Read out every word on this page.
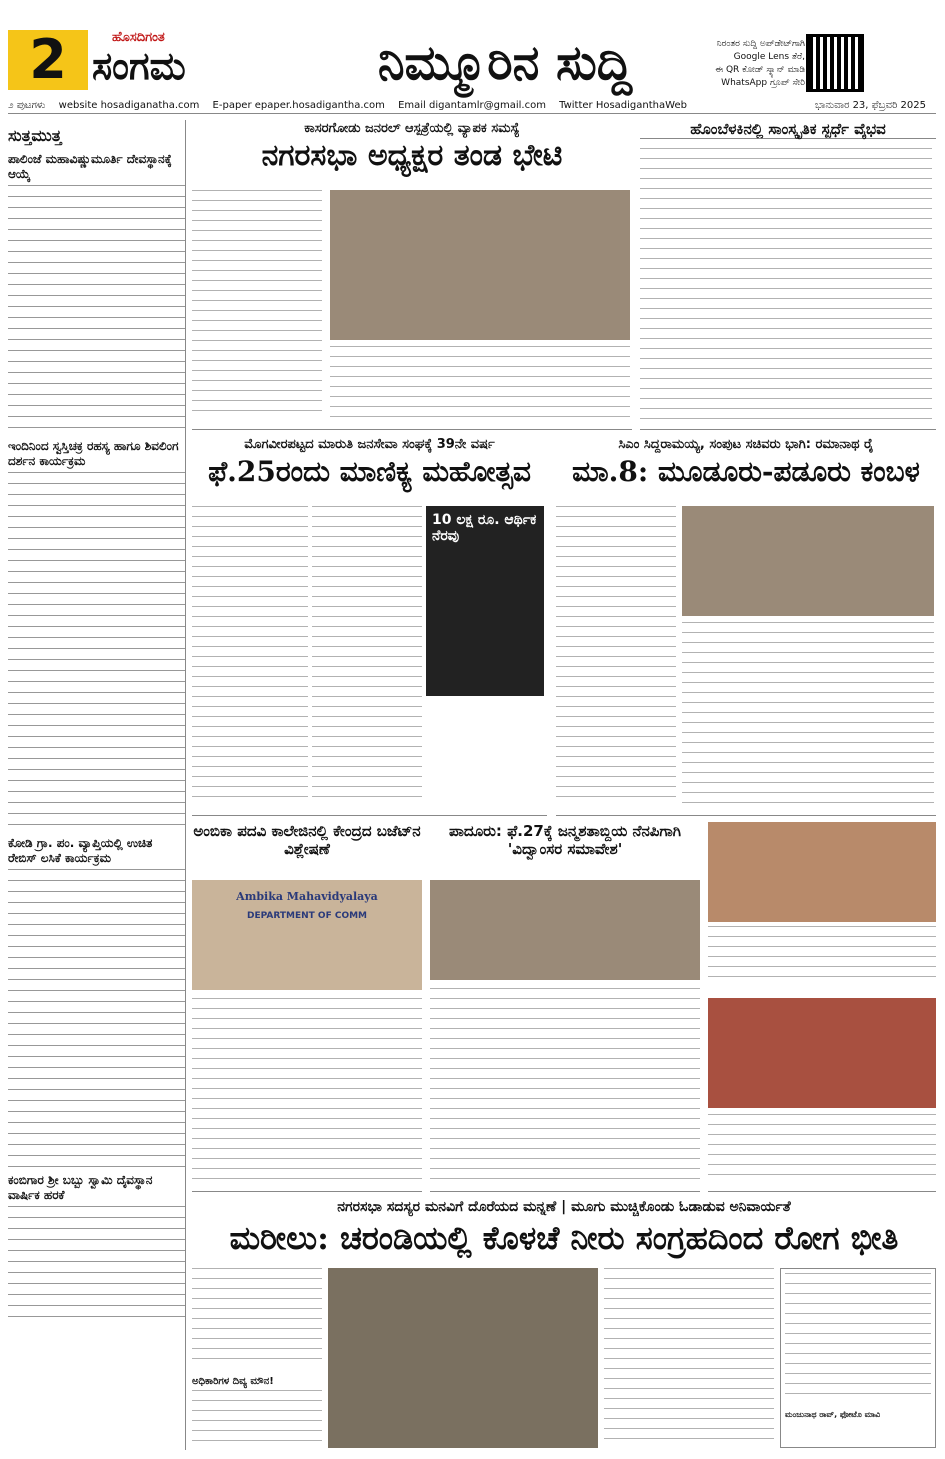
2	ಹೊಸದಿಗಂತ
ಸಂಗಮ	ನಿಮ್ಮೂರಿನ ಸುದ್ದಿ	ನಿರಂತರ ಸುದ್ದಿ ಅಪ್‌ಡೇಟ್‌ಗಾಗಿ
Google Lens ತೆರೆ,
ಈ QR ಕೋಡ್ ಸ್ಕ್ಯಾನ್ ಮಾಡಿ
WhatsApp ಗ್ರೂಪ್ ಸೇರಿ
೨ ಪುಟಗಳು website hosadiganatha.com E-paper epaper.hosadigantha.com Email digantamlr@gmail.com Twitter HosadiganthaWeb	ಭಾನುವಾರ 23, ಫೆಬ್ರವರಿ 2025
ಸುತ್ತಮುತ್ತ
ಪಾಲಿಂಜೆ ಮಹಾವಿಷ್ಣುಮೂರ್ತಿ ದೇವಸ್ಥಾನಕ್ಕೆ ಆಯ್ಕೆ
ಇಂದಿನಿಂದ ಸ್ವಸ್ತಿಚಕ್ರ ರಹಸ್ಯ ಹಾಗೂ ಶಿವಲಿಂಗ ದರ್ಶನ ಕಾರ್ಯಕ್ರಮ
ಕೋಡಿ ಗ್ರಾ. ಪಂ. ವ್ಯಾಪ್ತಿಯಲ್ಲಿ ಉಚಿತ ರೇಬಿಸ್ ಲಸಿಕೆ ಕಾರ್ಯಕ್ರಮ
ಕಂಬಿಗಾರ ಶ್ರೀ ಬಬ್ಬು ಸ್ವಾಮಿ ದೈವಸ್ಥಾನ ವಾರ್ಷಿಕ ಹರಕೆ
ಕಾಸರಗೋಡು ಜನರಲ್ ಆಸ್ಪತ್ರೆಯಲ್ಲಿ ವ್ಯಾಪಕ ಸಮಸ್ಯೆ
ನಗರಸಭಾ ಅಧ್ಯಕ್ಷರ ತಂಡ ಭೇಟಿ
ಹೊಂಬೆಳಕಿನಲ್ಲಿ ಸಾಂಸ್ಕೃತಿಕ ಸ್ಪರ್ಧೆ ವೈಭವ
ಮೊಗವೀರಪಟ್ಟದ ಮಾರುತಿ ಜನಸೇವಾ ಸಂಘಕ್ಕೆ 39ನೇ ವರ್ಷ
ಫೆ.25ರಂದು ಮಾಣಿಕ್ಯ ಮಹೋತ್ಸವ
10 ಲಕ್ಷ ರೂ. ಆರ್ಥಿಕ ನೆರವು
ಸಿಎಂ ಸಿದ್ದರಾಮಯ್ಯ, ಸಂಪುಟ ಸಚಿವರು ಭಾಗಿ: ರಮಾನಾಥ ರೈ
ಮಾ.8: ಮೂಡೂರು-ಪಡೂರು ಕಂಬಳ
ಅಂಬಿಕಾ ಪದವಿ ಕಾಲೇಜಿನಲ್ಲಿ ಕೇಂದ್ರದ ಬಜೆಟ್‌ನ ವಿಶ್ಲೇಷಣೆ
Ambika Mahavidyalaya
DEPARTMENT OF COMM
ಪಾದೂರು: ಫೆ.27ಕ್ಕೆ ಜನ್ಮಶತಾಬ್ದಿಯ ನೆನಪಿಗಾಗಿ 'ವಿದ್ವಾಂಸರ ಸಮಾವೇಶ'
ನಗರಸಭಾ ಸದಸ್ಯರ ಮನವಿಗೆ ದೊರೆಯದ ಮನ್ನಣೆ | ಮೂಗು ಮುಚ್ಚಿಕೊಂಡು ಓಡಾಡುವ ಅನಿವಾರ್ಯತೆ
ಮರೀಲು: ಚರಂಡಿಯಲ್ಲಿ ಕೊಳಚೆ ನೀರು ಸಂಗ್ರಹದಿಂದ ರೋಗ ಭೀತಿ
ಅಧಿಕಾರಿಗಳ ದಿವ್ಯ ಮೌನ!
ಮಂಜುನಾಥ ರಾವ್, ಫೋಟೊ ಮಾವಿ
